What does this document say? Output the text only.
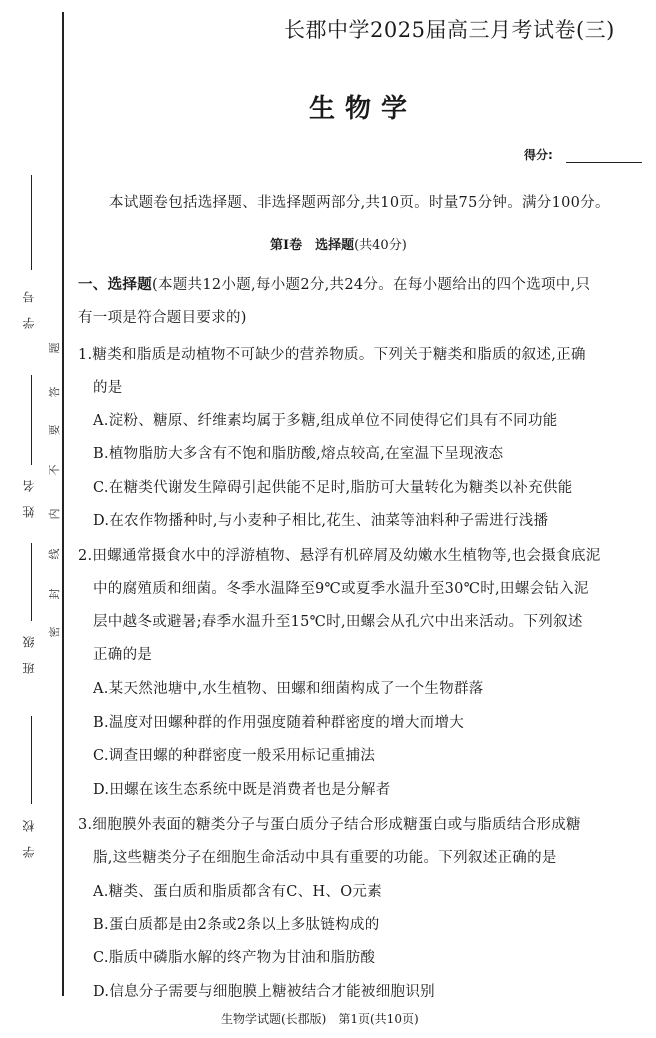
学号
姓名
班级
学校
题
答
要
不
内
线
封
密
长郡中学2025届高三月考试卷(三)
生物学
得分:
本试题卷包括选择题、非选择题两部分,共10页。时量75分钟。满分100分。
第Ⅰ卷　选择题(共40分)
一、选择题(本题共12小题,每小题2分,共24分。在每小题给出的四个选项中,只
有一项是符合题目要求的)
1.糖类和脂质是动植物不可缺少的营养物质。下列关于糖类和脂质的叙述,正确
的是
A.淀粉、糖原、纤维素均属于多糖,组成单位不同使得它们具有不同功能
B.植物脂肪大多含有不饱和脂肪酸,熔点较高,在室温下呈现液态
C.在糖类代谢发生障碍引起供能不足时,脂肪可大量转化为糖类以补充供能
D.在农作物播种时,与小麦种子相比,花生、油菜等油料种子需进行浅播
2.田螺通常摄食水中的浮游植物、悬浮有机碎屑及幼嫩水生植物等,也会摄食底泥
中的腐殖质和细菌。冬季水温降至9℃或夏季水温升至30℃时,田螺会钻入泥
层中越冬或避暑;春季水温升至15℃时,田螺会从孔穴中出来活动。下列叙述
正确的是
A.某天然池塘中,水生植物、田螺和细菌构成了一个生物群落
B.温度对田螺种群的作用强度随着种群密度的增大而增大
C.调查田螺的种群密度一般采用标记重捕法
D.田螺在该生态系统中既是消费者也是分解者
3.细胞膜外表面的糖类分子与蛋白质分子结合形成糖蛋白或与脂质结合形成糖
脂,这些糖类分子在细胞生命活动中具有重要的功能。下列叙述正确的是
A.糖类、蛋白质和脂质都含有C、H、O元素
B.蛋白质都是由2条或2条以上多肽链构成的
C.脂质中磷脂水解的终产物为甘油和脂肪酸
D.信息分子需要与细胞膜上糖被结合才能被细胞识别
生物学试题(长郡版)　第1页(共10页)
